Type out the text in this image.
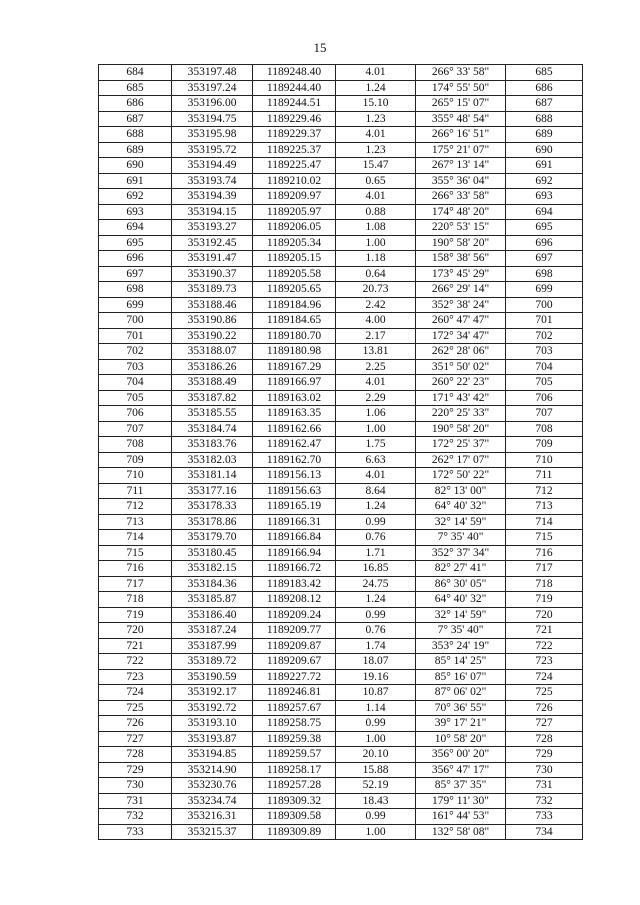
15
684	353197.48	1189248.40	4.01	266° 33' 58"	685
685	353197.24	1189244.40	1.24	174° 55' 50"	686
686	353196.00	1189244.51	15.10	265° 15' 07"	687
687	353194.75	1189229.46	1.23	355° 48' 54"	688
688	353195.98	1189229.37	4.01	266° 16' 51"	689
689	353195.72	1189225.37	1.23	175° 21' 07"	690
690	353194.49	1189225.47	15.47	267° 13' 14"	691
691	353193.74	1189210.02	0.65	355° 36' 04"	692
692	353194.39	1189209.97	4.01	266° 33' 58"	693
693	353194.15	1189205.97	0.88	174° 48' 20"	694
694	353193.27	1189206.05	1.08	220° 53' 15"	695
695	353192.45	1189205.34	1.00	190° 58' 20"	696
696	353191.47	1189205.15	1.18	158° 38' 56"	697
697	353190.37	1189205.58	0.64	173° 45' 29"	698
698	353189.73	1189205.65	20.73	266° 29' 14"	699
699	353188.46	1189184.96	2.42	352° 38' 24"	700
700	353190.86	1189184.65	4.00	260° 47' 47"	701
701	353190.22	1189180.70	2.17	172° 34' 47"	702
702	353188.07	1189180.98	13.81	262° 28' 06"	703
703	353186.26	1189167.29	2.25	351° 50' 02"	704
704	353188.49	1189166.97	4.01	260° 22' 23"	705
705	353187.82	1189163.02	2.29	171° 43' 42"	706
706	353185.55	1189163.35	1.06	220° 25' 33"	707
707	353184.74	1189162.66	1.00	190° 58' 20"	708
708	353183.76	1189162.47	1.75	172° 25' 37"	709
709	353182.03	1189162.70	6.63	262° 17' 07"	710
710	353181.14	1189156.13	4.01	172° 50' 22"	711
711	353177.16	1189156.63	8.64	82° 13' 00"	712
712	353178.33	1189165.19	1.24	64° 40' 32"	713
713	353178.86	1189166.31	0.99	32° 14' 59"	714
714	353179.70	1189166.84	0.76	7° 35' 40"	715
715	353180.45	1189166.94	1.71	352° 37' 34"	716
716	353182.15	1189166.72	16.85	82° 27' 41"	717
717	353184.36	1189183.42	24.75	86° 30' 05"	718
718	353185.87	1189208.12	1.24	64° 40' 32"	719
719	353186.40	1189209.24	0.99	32° 14' 59"	720
720	353187.24	1189209.77	0.76	7° 35' 40"	721
721	353187.99	1189209.87	1.74	353° 24' 19"	722
722	353189.72	1189209.67	18.07	85° 14' 25"	723
723	353190.59	1189227.72	19.16	85° 16' 07"	724
724	353192.17	1189246.81	10.87	87° 06' 02"	725
725	353192.72	1189257.67	1.14	70° 36' 55"	726
726	353193.10	1189258.75	0.99	39° 17' 21"	727
727	353193.87	1189259.38	1.00	10° 58' 20"	728
728	353194.85	1189259.57	20.10	356° 00' 20"	729
729	353214.90	1189258.17	15.88	356° 47' 17"	730
730	353230.76	1189257.28	52.19	85° 37' 35"	731
731	353234.74	1189309.32	18.43	179° 11' 30"	732
732	353216.31	1189309.58	0.99	161° 44' 53"	733
733	353215.37	1189309.89	1.00	132° 58' 08"	734
